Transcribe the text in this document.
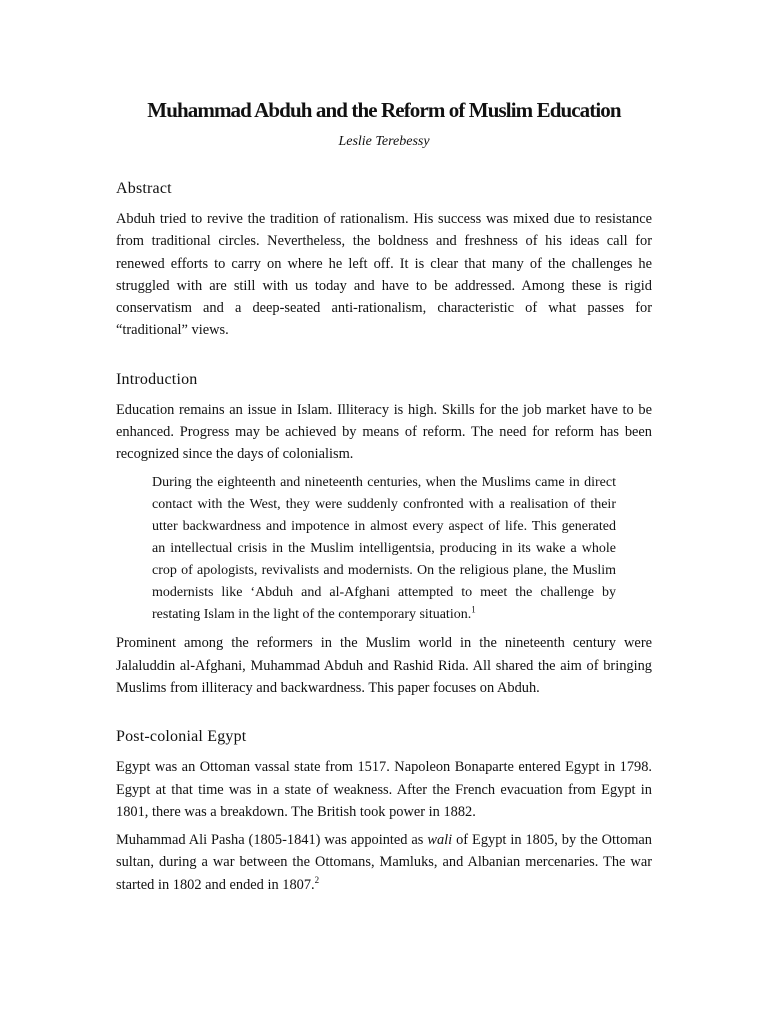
Muhammad Abduh and the Reform of Muslim Education

Leslie Terebessy

Abstract

Abduh tried to revive the tradition of rationalism. His success was mixed due to resistance from traditional circles. Nevertheless, the boldness and freshness of his ideas call for renewed efforts to carry on where he left off. It is clear that many of the challenges he struggled with are still with us today and have to be addressed. Among these is rigid conservatism and a deep-seated anti-rationalism, characteristic of what passes for “traditional” views.

Introduction

Education remains an issue in Islam. Illiteracy is high. Skills for the job market have to be enhanced. Progress may be achieved by means of reform. The need for reform has been recognized since the days of colonialism.

During the eighteenth and nineteenth centuries, when the Muslims came in direct contact with the West, they were suddenly confronted with a realisation of their utter backwardness and impotence in almost every aspect of life. This generated an intellectual crisis in the Muslim intelligentsia, producing in its wake a whole crop of apologists, revivalists and modernists. On the religious plane, the Muslim modernists like ‘Abduh and al-Afghani attempted to meet the challenge by restating Islam in the light of the contemporary situation.$^1$

Prominent among the reformers in the Muslim world in the nineteenth century were Jalaluddin al-Afghani, Muhammad Abduh and Rashid Rida. All shared the aim of bringing Muslims from illiteracy and backwardness. This paper focuses on Abduh.

Post-colonial Egypt

Egypt was an Ottoman vassal state from 1517. Napoleon Bonaparte entered Egypt in 1798. Egypt at that time was in a state of weakness. After the French evacuation from Egypt in 1801, there was a breakdown. The British took power in 1882.

Muhammad Ali Pasha (1805-1841) was appointed as wali of Egypt in 1805, by the Ottoman sultan, during a war between the Ottomans, Mamluks, and Albanian mercenaries. The war started in 1802 and ended in 1807.$^2$
